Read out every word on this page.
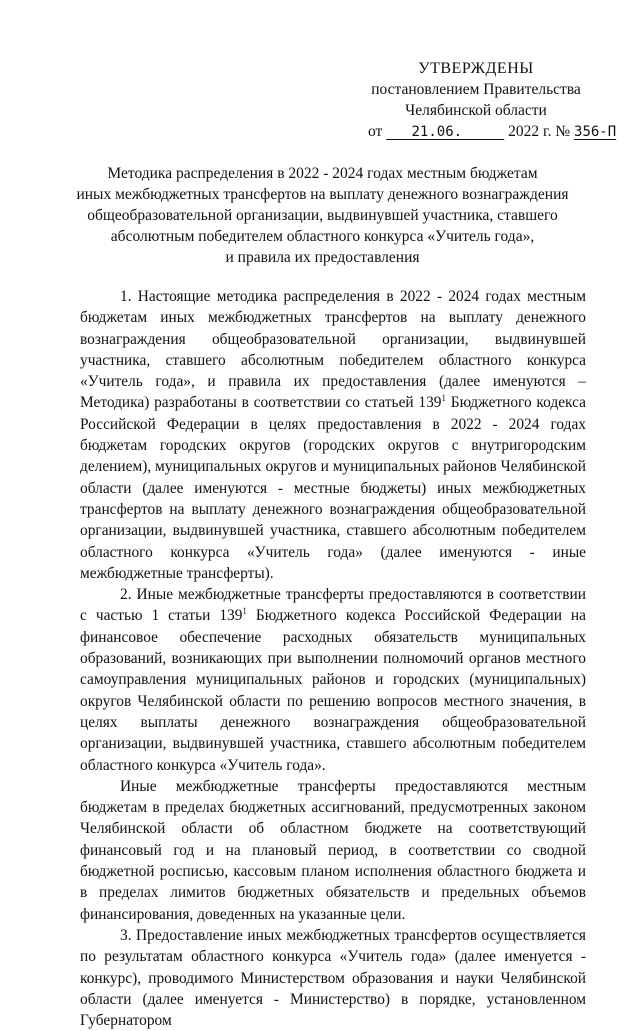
УТВЕРЖДЕНЫ
постановлением Правительства
Челябинской области
от 21.06.	2022 г. № 356-П
Методика распределения в 2022 - 2024 годах местным бюджетам
иных межбюджетных трансфертов на выплату денежного вознаграждения
общеобразовательной организации, выдвинувшей участника, ставшего
абсолютным победителем областного конкурса «Учитель года»,
и правила их предоставления

1. Настоящие методика распределения в 2022 - 2024 годах местным бюджетам иных межбюджетных трансфертов на выплату денежного вознаграждения общеобразовательной организации, выдвинувшей участника, ставшего абсолютным победителем областного конкурса «Учитель года», и правила их предоставления (далее именуются – Методика) разработаны в соответствии со статьей $139^1$ Бюджетного кодекса Российской Федерации в целях предоставления в 2022 - 2024 годах бюджетам городских округов (городских округов с внутригородским делением), муниципальных округов и муниципальных районов Челябинской области (далее именуются - местные бюджеты) иных межбюджетных трансфертов на выплату денежного вознаграждения общеобразовательной организации, выдвинувшей участника, ставшего абсолютным победителем областного конкурса «Учитель года» (далее именуются - иные межбюджетные трансферты).

2. Иные межбюджетные трансферты предоставляются в соответствии с частью 1 статьи $139^1$ Бюджетного кодекса Российской Федерации на финансовое обеспечение расходных обязательств муниципальных образований, возникающих при выполнении полномочий органов местного самоуправления муниципальных районов и городских (муниципальных) округов Челябинской области по решению вопросов местного значения, в целях выплаты денежного вознаграждения общеобразовательной организации, выдвинувшей участника, ставшего абсолютным победителем областного конкурса «Учитель года».

Иные межбюджетные трансферты предоставляются местным бюджетам в пределах бюджетных ассигнований, предусмотренных законом Челябинской области об областном бюджете на соответствующий финансовый год и на плановый период, в соответствии со сводной бюджетной росписью, кассовым планом исполнения областного бюджета и в пределах лимитов бюджетных обязательств и предельных объемов финансирования, доведенных на указанные цели.

3. Предоставление иных межбюджетных трансфертов осуществляется по результатам областного конкурса «Учитель года» (далее именуется - конкурс), проводимого Министерством образования и науки Челябинской области (далее именуется - Министерство) в порядке, установленном Губернатором
